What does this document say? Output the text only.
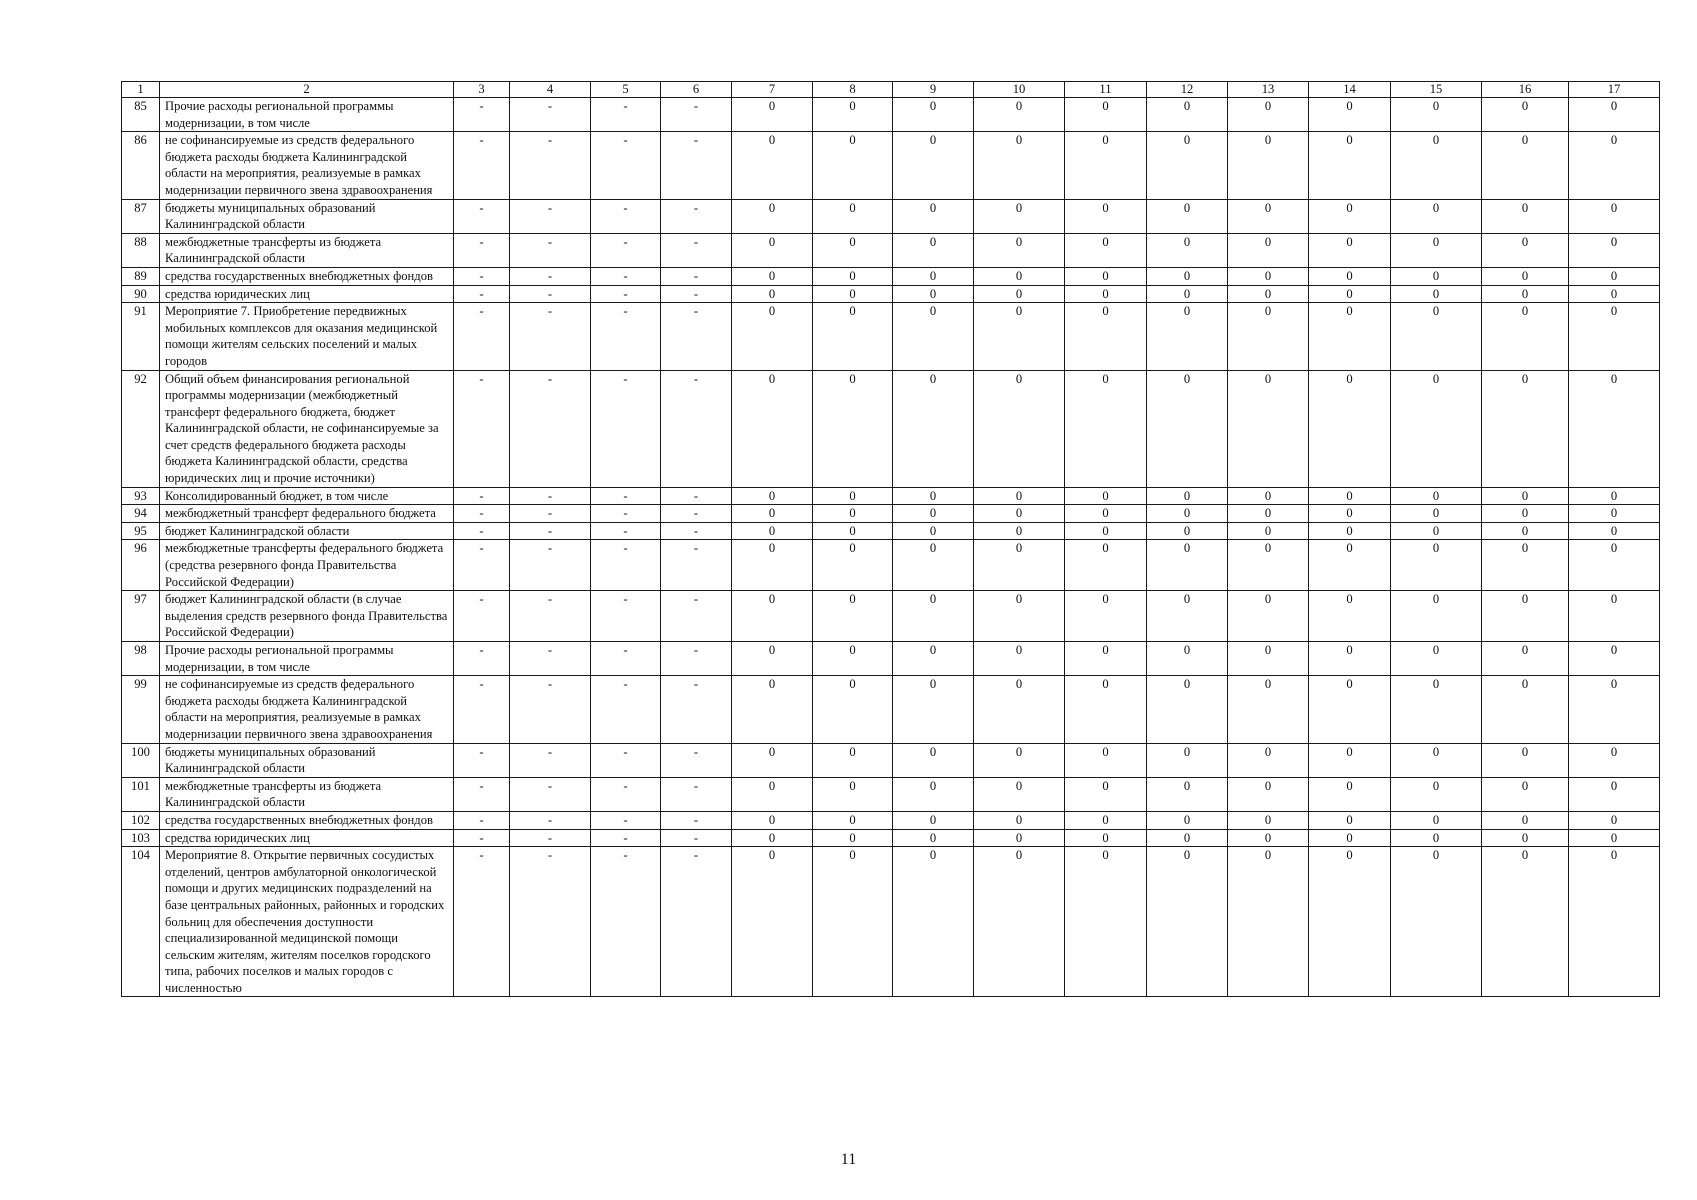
1	2	3	4	5	6	7	8	9	10	11	12	13	14	15	16	17
85	Прочие расходы региональной программы модернизации, в том числе	-	-	-	-	0	0	0	0	0	0	0	0	0	0	0
86	не софинансируемые из средств федерального бюджета расходы бюджета Калининградской области на мероприятия, реализуемые в рамках модернизации первичного звена здравоохранения	-	-	-	-	0	0	0	0	0	0	0	0	0	0	0
87	бюджеты муниципальных образований Калининградской области	-	-	-	-	0	0	0	0	0	0	0	0	0	0	0
88	межбюджетные трансферты из бюджета Калининградской области	-	-	-	-	0	0	0	0	0	0	0	0	0	0	0
89	средства государственных внебюджетных фондов	-	-	-	-	0	0	0	0	0	0	0	0	0	0	0
90	средства юридических лиц	-	-	-	-	0	0	0	0	0	0	0	0	0	0	0
91	Мероприятие 7. Приобретение передвижных мобильных комплексов для оказания медицинской помощи жителям сельских поселений и малых городов	-	-	-	-	0	0	0	0	0	0	0	0	0	0	0
92	Общий объем финансирования региональной программы модернизации (межбюджетный трансферт федерального бюджета, бюджет Калининградской области, не софинансируемые за счет средств федерального бюджета расходы бюджета Калининградской области, средства юридических лиц и прочие источники)	-	-	-	-	0	0	0	0	0	0	0	0	0	0	0
93	Консолидированный бюджет, в том числе	-	-	-	-	0	0	0	0	0	0	0	0	0	0	0
94	межбюджетный трансферт федерального бюджета	-	-	-	-	0	0	0	0	0	0	0	0	0	0	0
95	бюджет Калининградской области	-	-	-	-	0	0	0	0	0	0	0	0	0	0	0
96	межбюджетные трансферты федерального бюджета (средства резервного фонда Правительства Российской Федерации)	-	-	-	-	0	0	0	0	0	0	0	0	0	0	0
97	бюджет Калининградской области (в случае выделения средств резервного фонда Правительства Российской Федерации)	-	-	-	-	0	0	0	0	0	0	0	0	0	0	0
98	Прочие расходы региональной программы модернизации, в том числе	-	-	-	-	0	0	0	0	0	0	0	0	0	0	0
99	не софинансируемые из средств федерального бюджета расходы бюджета Калининградской области на мероприятия, реализуемые в рамках модернизации первичного звена здравоохранения	-	-	-	-	0	0	0	0	0	0	0	0	0	0	0
100	бюджеты муниципальных образований Калининградской области	-	-	-	-	0	0	0	0	0	0	0	0	0	0	0
101	межбюджетные трансферты из бюджета Калининградской области	-	-	-	-	0	0	0	0	0	0	0	0	0	0	0
102	средства государственных внебюджетных фондов	-	-	-	-	0	0	0	0	0	0	0	0	0	0	0
103	средства юридических лиц	-	-	-	-	0	0	0	0	0	0	0	0	0	0	0
104	Мероприятие 8. Открытие первичных сосудистых отделений, центров амбулаторной онкологической помощи и других медицинских подразделений на базе центральных районных, районных и городских больниц для обеспечения доступности специализированной медицинской помощи сельским жителям, жителям поселков городского типа, рабочих поселков и малых городов с численностью	-	-	-	-	0	0	0	0	0	0	0	0	0	0	0
11
